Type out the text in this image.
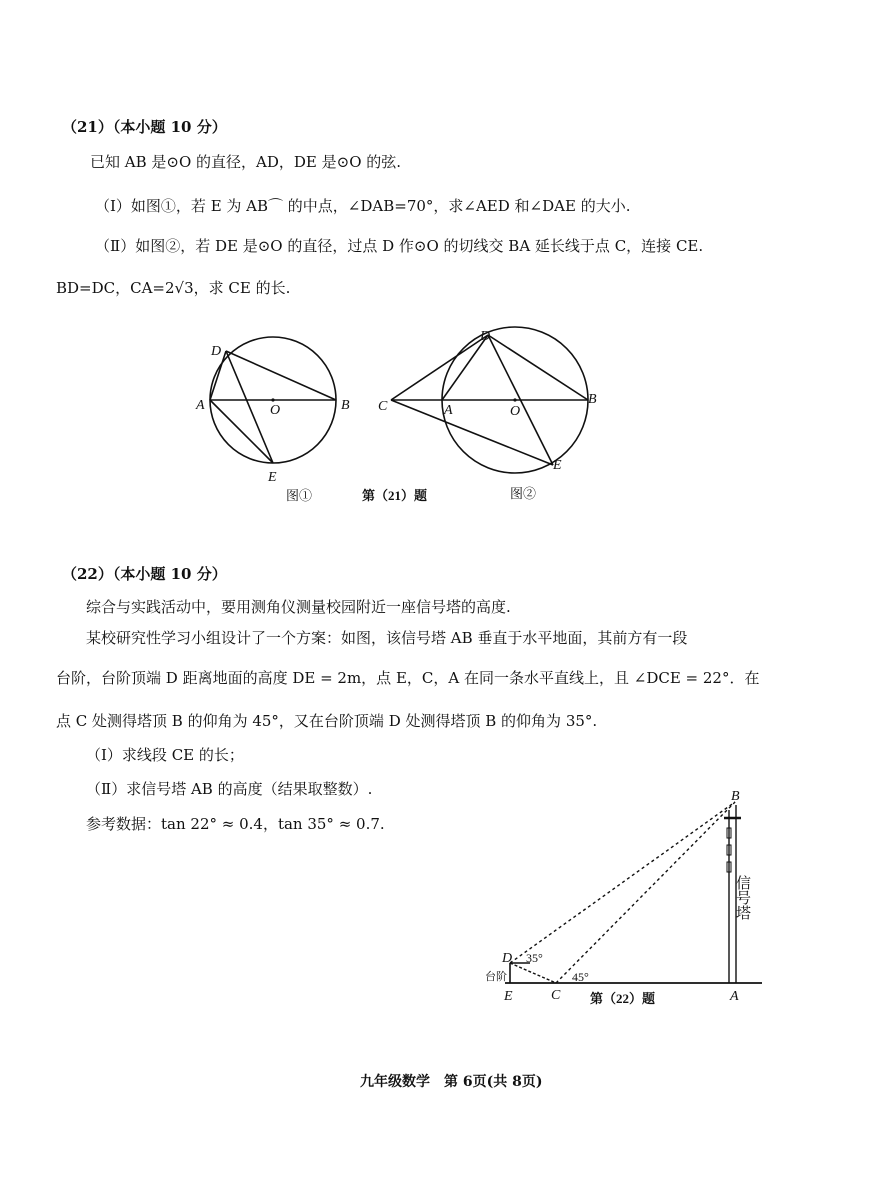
（21）（本小题 10 分）
已知 AB 是⊙O 的直径，AD，DE 是⊙O 的弦.
（Ⅰ）如图①，若 E 为 AB⌒ 的中点，∠DAB=70°，求∠AED 和∠DAE 的大小.
（Ⅱ）如图②，若 DE 是⊙O 的直径，过点 D 作⊙O 的切线交 BA 延长线于点 C，连接 CE.
BD=DC，CA=2√3，求 CE 的长.
D
A	O	B
E
D
C	A	O
B
E
图①	第（21）题	图②
B
D
E	C	A
35°
45°
台阶
信号塔
第（22）题
（22）（本小题 10 分）
综合与实践活动中，要用测角仪测量校园附近一座信号塔的高度.
某校研究性学习小组设计了一个方案：如图，该信号塔 AB 垂直于水平地面，其前方有一段
台阶，台阶顶端 D 距离地面的高度 DE = 2m，点 E，C，A 在同一条水平直线上，且 ∠DCE = 22°．在
点 C 处测得塔顶 B 的仰角为 45°，又在台阶顶端 D 处测得塔顶 B 的仰角为 35°.
（Ⅰ）求线段 CE 的长；
（Ⅱ）求信号塔 AB 的高度（结果取整数）.
参考数据：tan 22° ≈ 0.4，tan 35° ≈ 0.7.
九年级数学　第 6页(共 8页)
